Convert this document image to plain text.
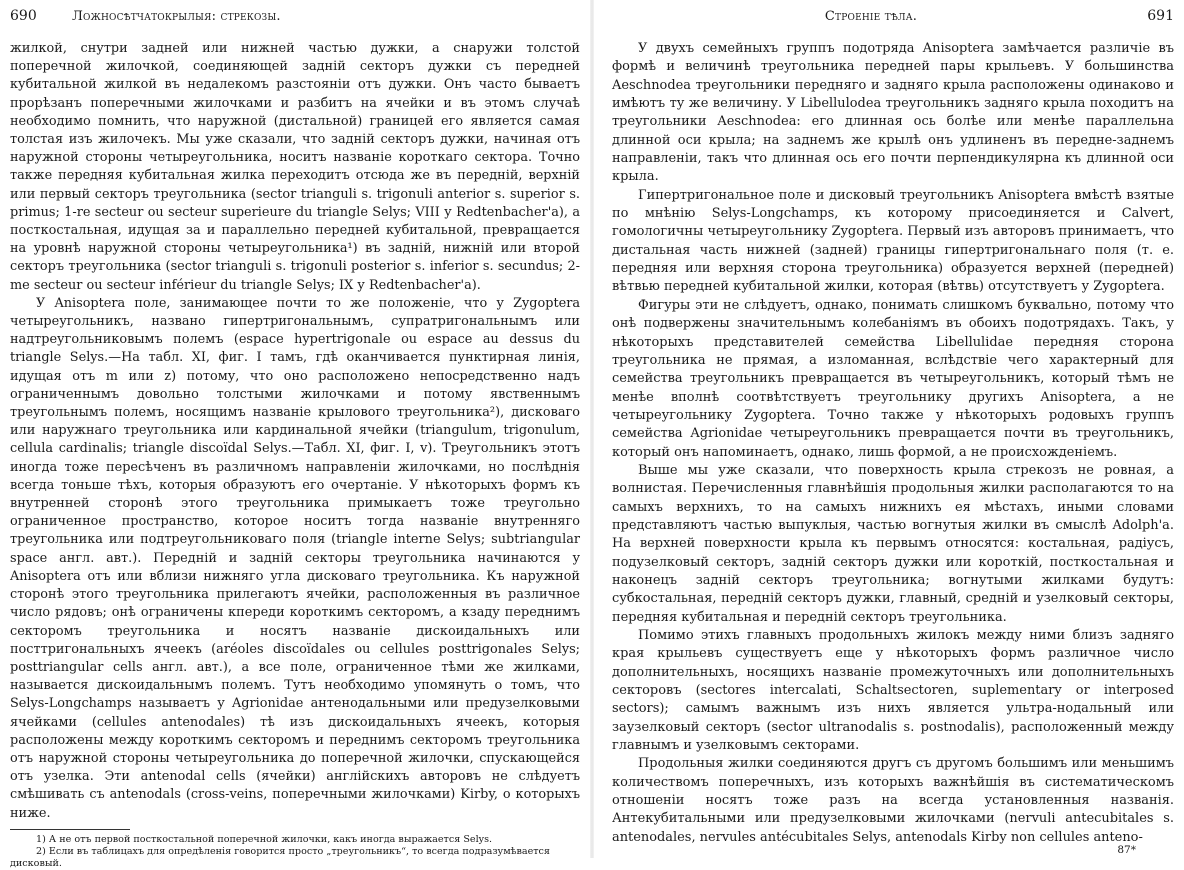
690	Ложносѣтчатокрылыя: стрекозы.

жилкой, снутри задней или нижней частью дужки, а снаружи толстой поперечной жилочкой, соединяющей задній секторъ дужки съ передней кубитальной жилкой въ недалекомъ разстояніи отъ дужки. Онъ часто бываетъ прорѣзанъ поперечными жилочками и разбитъ на ячейки и въ этомъ случаѣ необходимо помнить, что наружной (дистальной) границей его является самая толстая изъ жилочекъ. Мы уже сказали, что задній секторъ дужки, начиная отъ наружной стороны четыреугольника, носитъ названіе короткаго сектора. Точно также передняя кубитальная жилка переходитъ отсюда же въ передній, верхній или первый секторъ треугольника (sector trianguli s. trigonuli anterior s. superior s. primus; 1-re secteur ou secteur superieure du triangle Selys; VIII у Redtenbacher'a), а посткостальная, идущая за и параллельно передней кубитальной, превращается на уровнѣ наружной стороны четыреугольника¹) въ задній, нижній или второй секторъ треугольника (sector trianguli s. trigonuli posterior s. inferior s. secundus; 2-me secteur ou secteur inférieur du triangle Selys; IX у Redtenbacher'a).

У Anisoptera поле, занимающее почти то же положеніе, что у Zygoptera четыреугольникъ, названо гипертригональнымъ, супратригональнымъ или надтреугольниковымъ полемъ (espace hypertrigonale ou espace au dessus du triangle Selys.—На табл. XI, фиг. I тамъ, гдѣ оканчивается пунктирная линія, идущая отъ m или z) потому, что оно расположено непосредственно надъ ограниченнымъ довольно толстыми жилочками и потому явственнымъ треугольнымъ полемъ, носящимъ названіе крылового треугольника²), дисковаго или наружнаго треугольника или кардинальной ячейки (triangulum, trigonulum, cellula cardinalis; triangle discoïdal Selys.—Табл. XI, фиг. I, v). Треугольникъ этотъ иногда тоже пересѣченъ въ различномъ направленіи жилочками, но послѣднія всегда тоньше тѣхъ, которыя образуютъ его очертаніе. У нѣкоторыхъ формъ къ внутренней сторонѣ этого треугольника примыкаетъ тоже треугольно ограниченное пространство, которое носитъ тогда названіе внутренняго треугольника или подтреугольниковаго поля (triangle interne Selys; subtriangular space англ. авт.). Передній и задній секторы треугольника начинаются у Anisoptera отъ или вблизи нижняго угла дисковаго треугольника. Къ наружной сторонѣ этого треугольника прилегаютъ ячейки, расположенныя въ различное число рядовъ; онѣ ограничены кпереди короткимъ секторомъ, а кзаду переднимъ секторомъ треугольника и носятъ названіе дискоидальныхъ или посттригональныхъ ячеекъ (aréoles discoïdales ou cellules posttrigonales Selys; posttriangular cells англ. авт.), а все поле, ограниченное тѣми же жилками, называется дискоидальнымъ полемъ. Тутъ необходимо упомянуть о томъ, что Selys-Longchamps называетъ у Agrionidae антенодальными или предузелковыми ячейками (cellules antenodales) тѣ изъ дискоидальныхъ ячеекъ, которыя расположены между короткимъ секторомъ и переднимъ секторомъ треугольника отъ наружной стороны четыреугольника до поперечной жилочки, спускающейся отъ узелка. Эти antenodal cells (ячейки) англійскихъ авторовъ не слѣдуетъ смѣшивать съ antenodals (cross-veins, поперечными жилочками) Kirby, о которыхъ ниже.

1) А не отъ первой посткостальной поперечной жилочки, какъ иногда выражается Selys.

2) Если въ таблицахъ для опредѣленія говорится просто „треугольникъ“, то всегда подразумѣвается дисковый.

Строеніе тѣла.	691

У двухъ семейныхъ группъ подотряда Anisoptera замѣчается различіе въ формѣ и величинѣ треугольника передней пары крыльевъ. У большинства Aeschnodea треугольники передняго и задняго крыла расположены одинаково и имѣютъ ту же величину. У Libellulodea треугольникъ задняго крыла походитъ на треугольники Aeschnodea: его длинная ось болѣе или менѣе параллельна длинной оси крыла; на заднемъ же крылѣ онъ удлиненъ въ передне-заднемъ направленіи, такъ что длинная ось его почти перпендикулярна къ длинной оси крыла.

Гипертригональное поле и дисковый треугольникъ Anisoptera вмѣстѣ взятые по мнѣнію Selys-Longchamps, къ которому присоединяется и Calvert, гомологичны четыреугольнику Zygoptera. Первый изъ авторовъ принимаетъ, что дистальная часть нижней (задней) границы гипертригональнаго поля (т. е. передняя или верхняя сторона треугольника) образуется верхней (передней) вѣтвью передней кубитальной жилки, которая (вѣтвь) отсутствуетъ у Zygoptera.

Фигуры эти не слѣдуетъ, однако, понимать слишкомъ буквально, потому что онѣ подвержены значительнымъ колебаніямъ въ обоихъ подотрядахъ. Такъ, у нѣкоторыхъ представителей семейства Libellulidae передняя сторона треугольника не прямая, а изломанная, вслѣдствіе чего характерный для семейства треугольникъ превращается въ четыреугольникъ, который тѣмъ не менѣе вполнѣ соотвѣтствуетъ треугольнику другихъ Anisoptera, а не четыреугольнику Zygoptera. Точно также у нѣкоторыхъ родовыхъ группъ семейства Agrionidae четыреугольникъ превращается почти въ треугольникъ, который онъ напоминаетъ, однако, лишь формой, а не происхожденіемъ.

Выше мы уже сказали, что поверхность крыла стрекозъ не ровная, а волнистая. Перечисленныя главнѣйшія продольныя жилки располагаются то на самыхъ верхнихъ, то на самыхъ нижнихъ ея мѣстахъ, иными словами представляютъ частью выпуклыя, частью вогнутыя жилки въ смыслѣ Adolph'a. На верхней поверхности крыла къ первымъ относятся: костальная, радіусъ, подузелковый секторъ, задній секторъ дужки или короткій, посткостальная и наконецъ задній секторъ треугольника; вогнутыми жилками будутъ: субкостальная, передній секторъ дужки, главный, средній и узелковый секторы, передняя кубитальная и передній секторъ треугольника.

Помимо этихъ главныхъ продольныхъ жилокъ между ними близъ задняго края крыльевъ существуетъ еще у нѣкоторыхъ формъ различное число дополнительныхъ, носящихъ названіе промежуточныхъ или дополнительныхъ секторовъ (sectores intercalati, Schaltsectoren, suplementary or interposed sectors); самымъ важнымъ изъ нихъ является ультра-нодальный или заузелковый секторъ (sector ultranodalis s. postnodalis), расположенный между главнымъ и узелковымъ секторами.

Продольныя жилки соединяются другъ съ другомъ большимъ или меньшимъ количествомъ поперечныхъ, изъ которыхъ важнѣйшія въ систематическомъ отношеніи носятъ тоже разъ на всегда установленныя названія. Антекубитальными или предузелковыми жилочками (nervuli antecubitales s. antenodales, nervules antécubitales Selys, antenodals Kirby non cellules anteno-

87*
